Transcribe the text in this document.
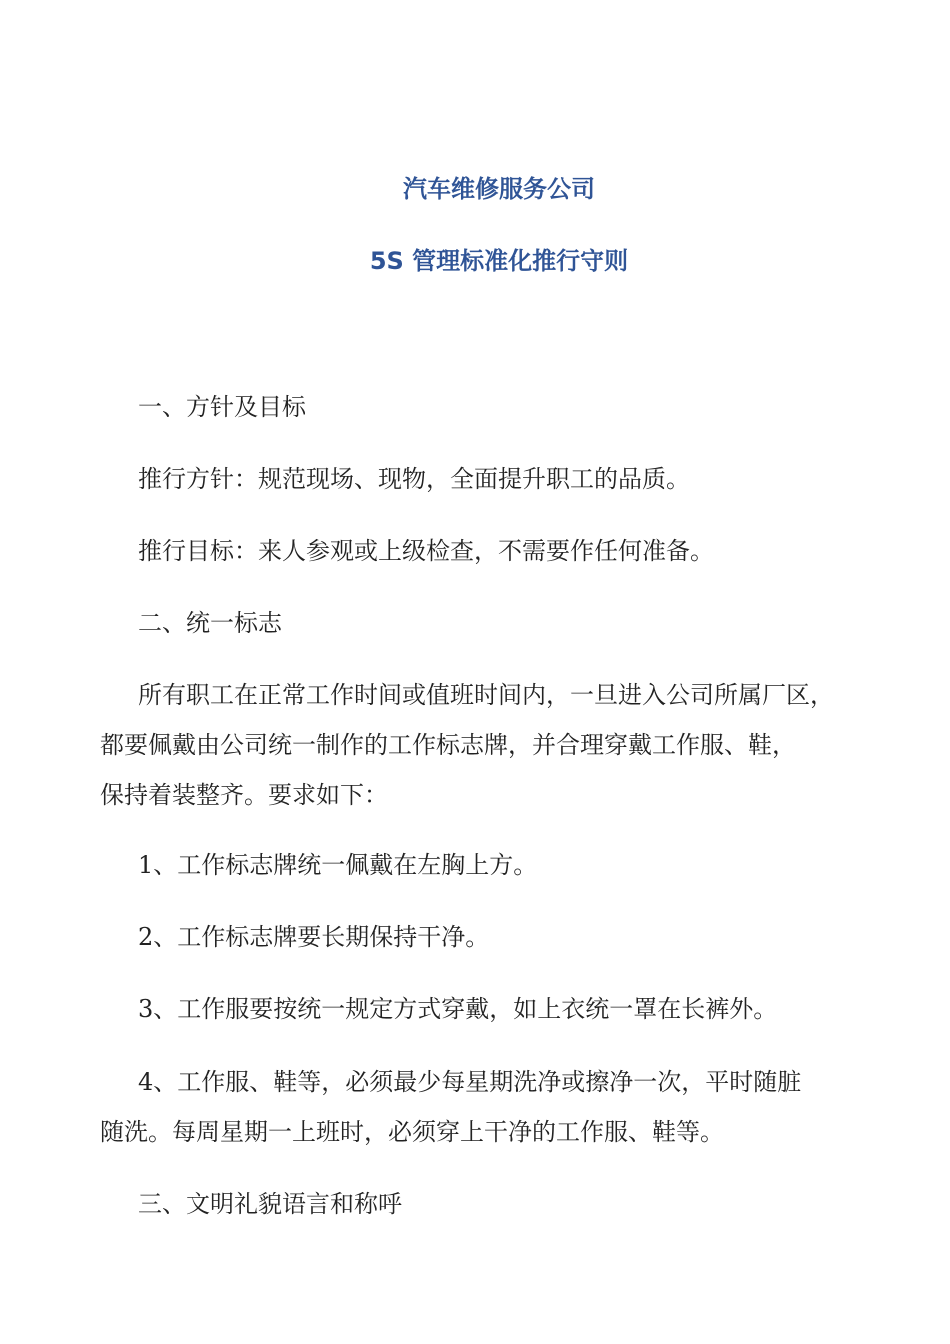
汽车维修服务公司
5S 管理标准化推行守则
一、方针及目标
推行方针：规范现场、现物，全面提升职工的品质。
推行目标：来人参观或上级检查，不需要作任何准备。
二、统一标志
所有职工在正常工作时间或值班时间内，一旦进入公司所属厂区，
都要佩戴由公司统一制作的工作标志牌，并合理穿戴工作服、鞋，
保持着装整齐。要求如下：
1、工作标志牌统一佩戴在左胸上方。
2、工作标志牌要长期保持干净。
3、工作服要按统一规定方式穿戴，如上衣统一罩在长裤外。
4、工作服、鞋等，必须最少每星期洗净或擦净一次，平时随脏
随洗。每周星期一上班时，必须穿上干净的工作服、鞋等。
三、文明礼貌语言和称呼
